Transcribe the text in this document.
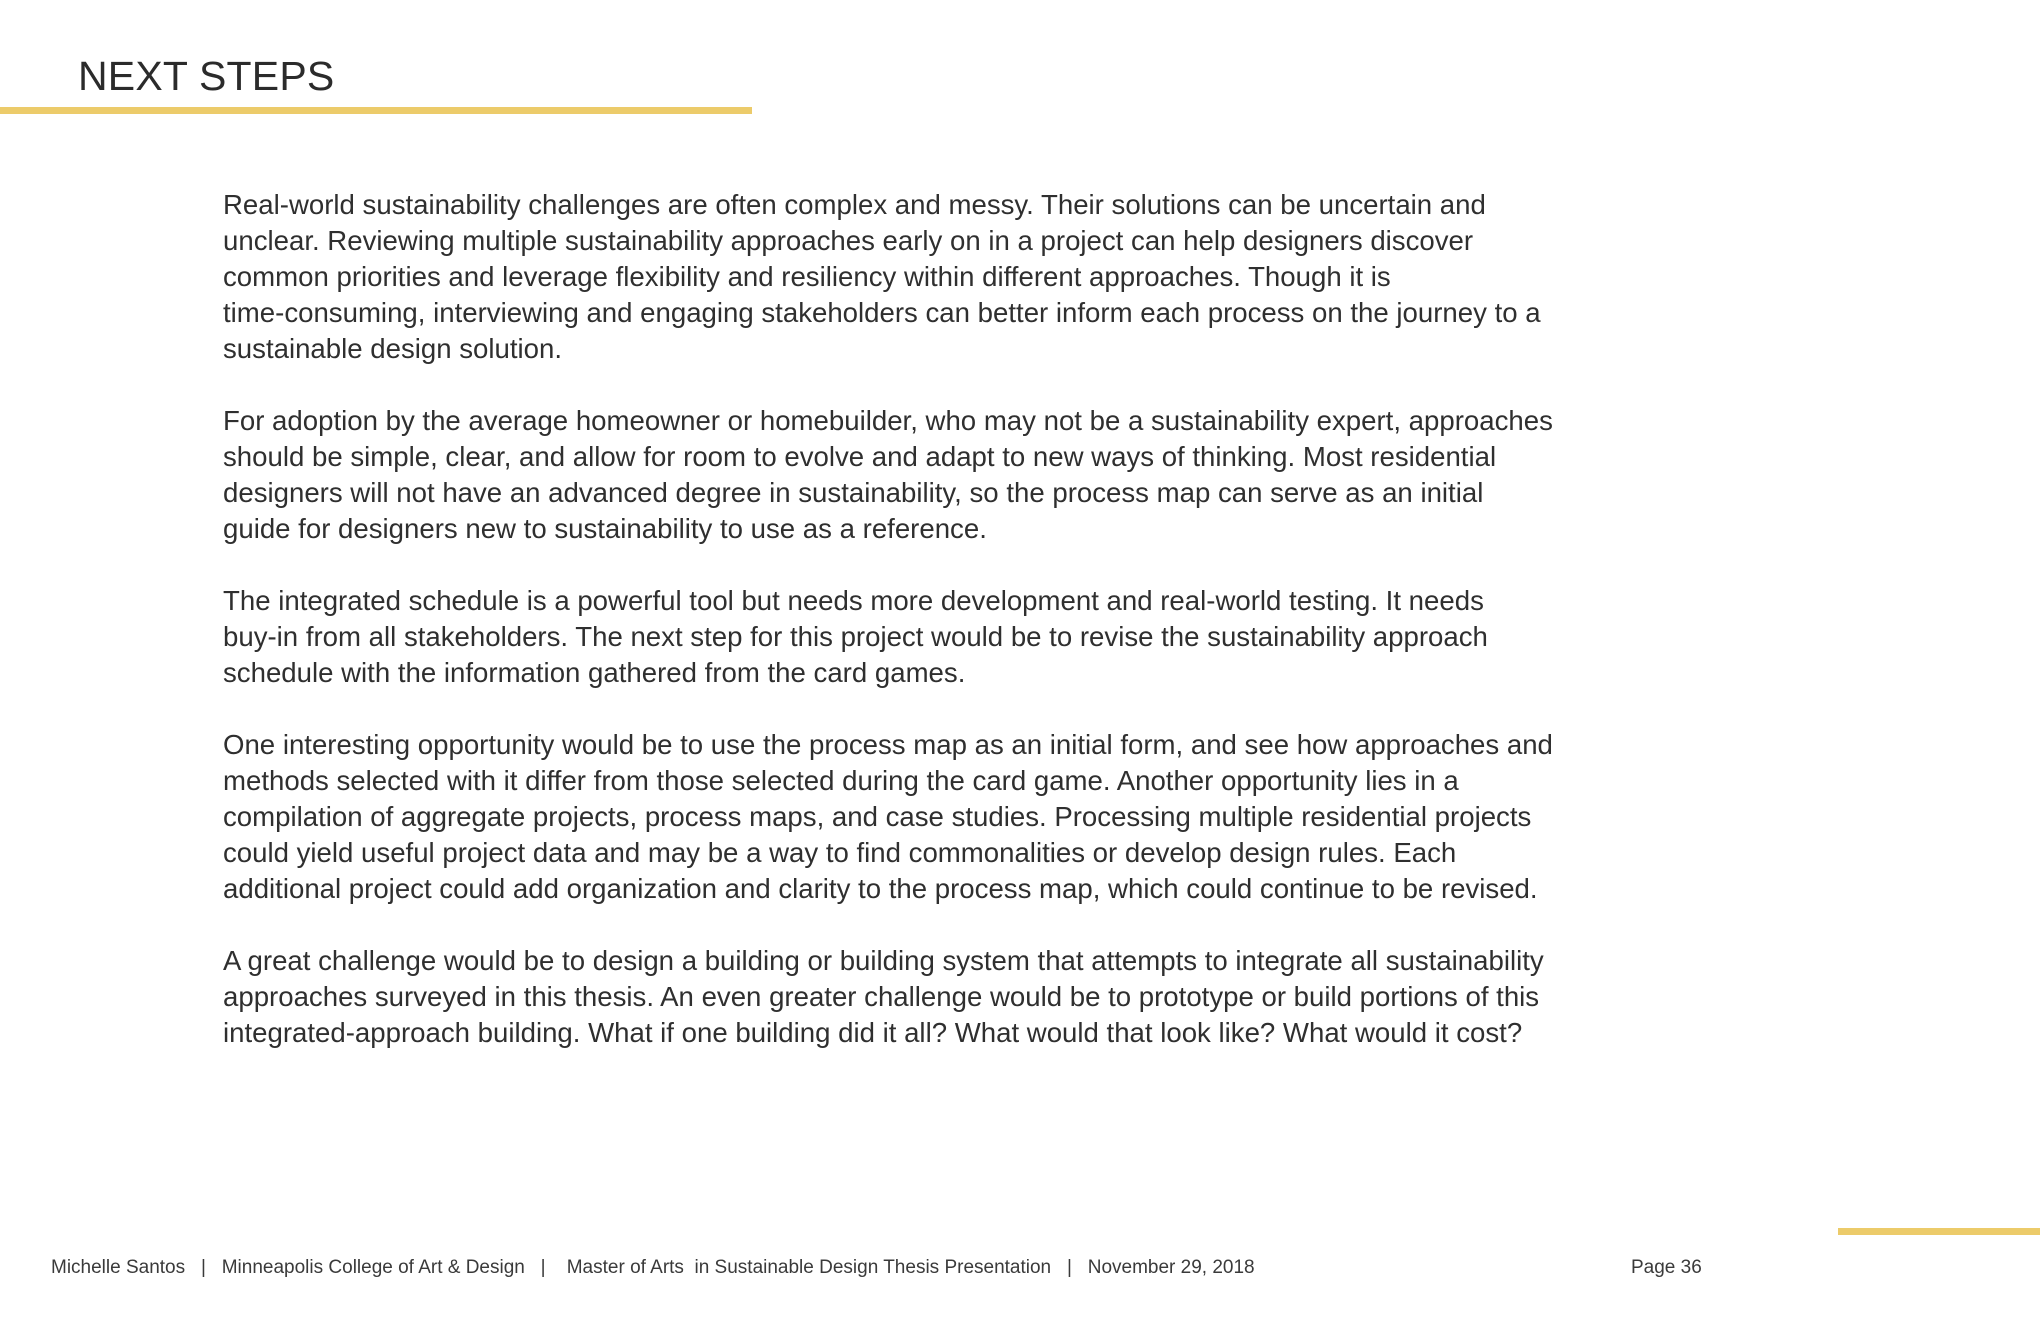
NEXT STEPS

Real-world sustainability challenges are often complex and messy. Their solutions can be uncertain and
unclear. Reviewing multiple sustainability approaches early on in a project can help designers discover
common priorities and leverage flexibility and resiliency within different approaches. Though it is
time-consuming, interviewing and engaging stakeholders can better inform each process on the journey to a
sustainable design solution.

For adoption by the average homeowner or homebuilder, who may not be a sustainability expert, approaches
should be simple, clear, and allow for room to evolve and adapt to new ways of thinking. Most residential
designers will not have an advanced degree in sustainability, so the process map can serve as an initial
guide for designers new to sustainability to use as a reference.

The integrated schedule is a powerful tool but needs more development and real-world testing. It needs
buy-in from all stakeholders. The next step for this project would be to revise the sustainability approach
schedule with the information gathered from the card games.

One interesting opportunity would be to use the process map as an initial form, and see how approaches and
methods selected with it differ from those selected during the card game. Another opportunity lies in a
compilation of aggregate projects, process maps, and case studies. Processing multiple residential projects
could yield useful project data and may be a way to find commonalities or develop design rules. Each
additional project could add organization and clarity to the process map, which could continue to be revised.

A great challenge would be to design a building or building system that attempts to integrate all sustainability
approaches surveyed in this thesis. An even greater challenge would be to prototype or build portions of this
integrated-approach building. What if one building did it all? What would that look like? What would it cost?

Michelle Santos   |   Minneapolis College of Art & Design   |    Master of Arts  in Sustainable Design Thesis Presentation   |   November 29, 2018	Page 36
